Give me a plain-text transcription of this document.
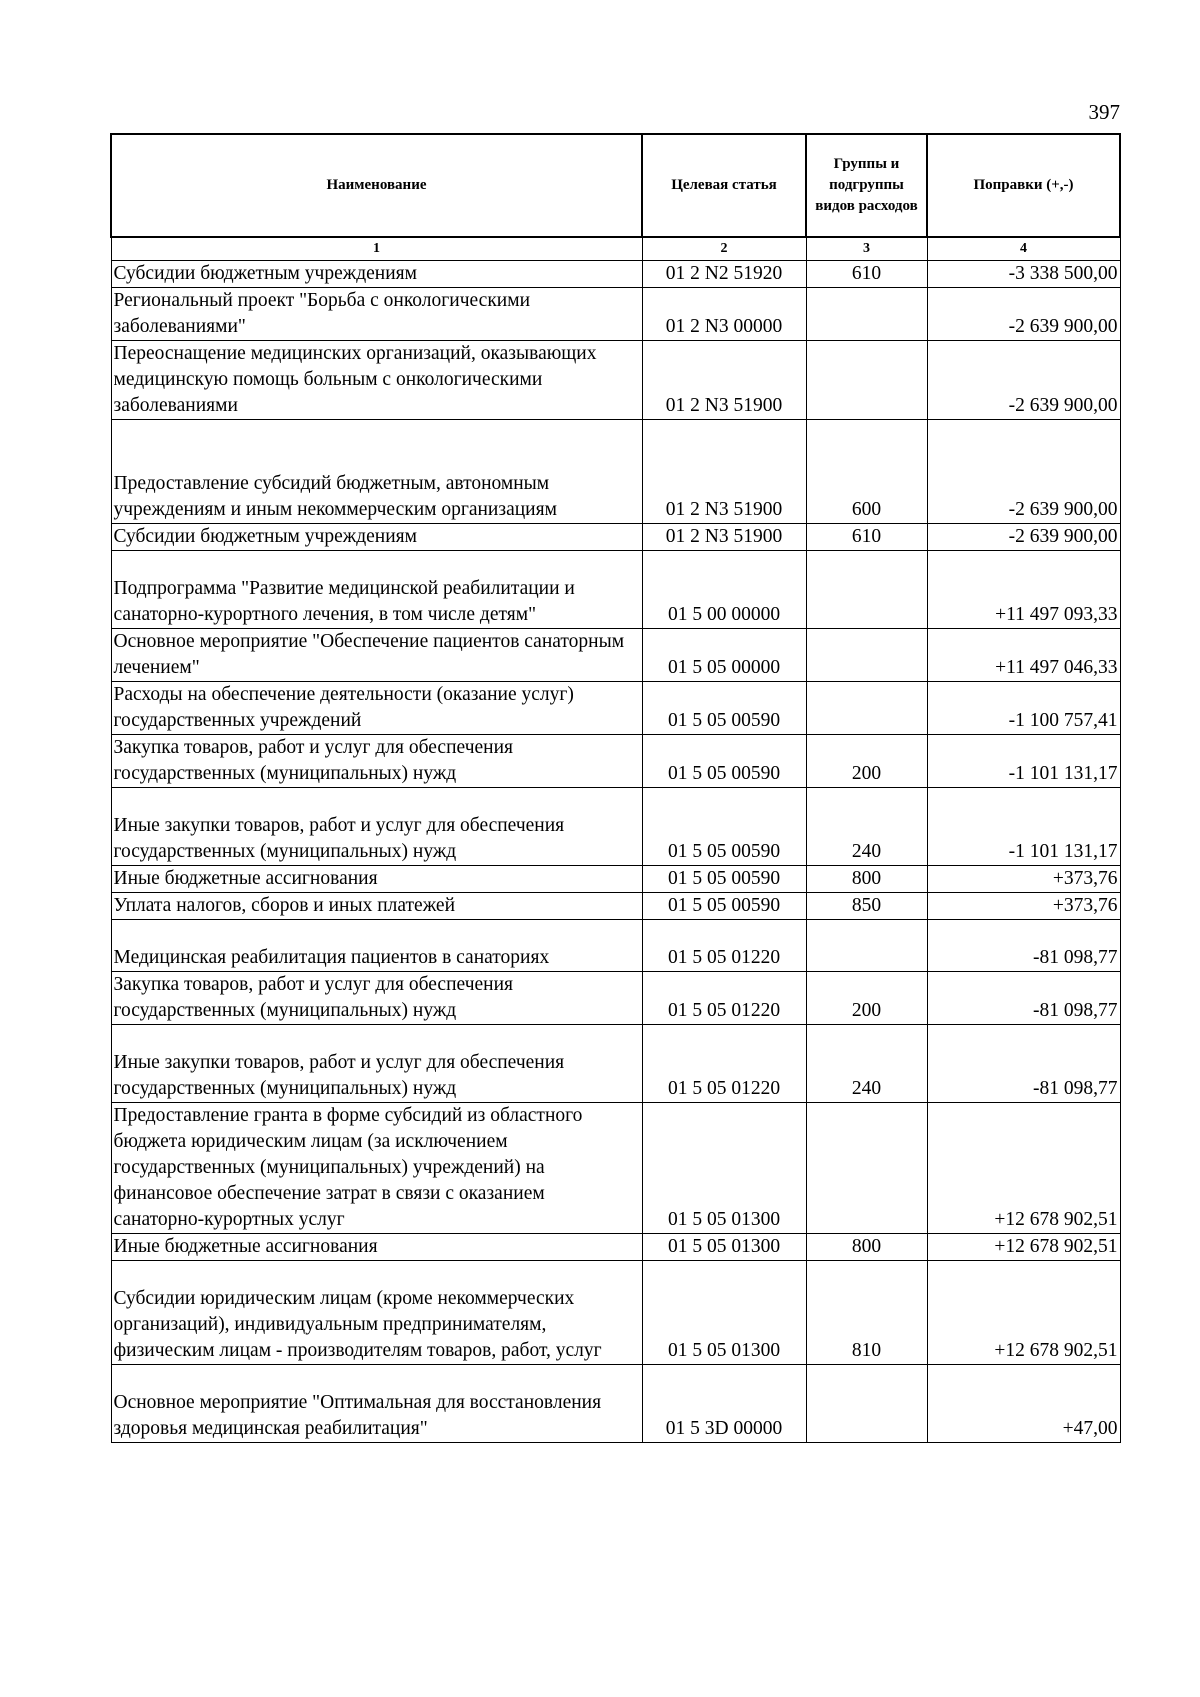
397
Наименование	Целевая статья	Группы и подгруппы видов расходов	Поправки (+,-)
1	2	3	4
Субсидии бюджетным учреждениям	01 2 N2 51920	610	-3 338 500,00
Региональный проект "Борьба с онкологическими заболеваниями"	01 2 N3 00000		-2 639 900,00
Переоснащение медицинских организаций, оказывающих медицинскую помощь больным с онкологическими заболеваниями	01 2 N3 51900		-2 639 900,00
Предоставление субсидий бюджетным, автономным учреждениям и иным некоммерческим организациям	01 2 N3 51900	600	-2 639 900,00
Субсидии бюджетным учреждениям	01 2 N3 51900	610	-2 639 900,00
Подпрограмма "Развитие медицинской реабилитации и санаторно-курортного лечения, в том числе детям"	01 5 00 00000		+11 497 093,33
Основное мероприятие "Обеспечение пациентов санаторным лечением"	01 5 05 00000		+11 497 046,33
Расходы на обеспечение деятельности (оказание услуг) государственных учреждений	01 5 05 00590		-1 100 757,41
Закупка товаров, работ и услуг для обеспечения государственных (муниципальных) нужд	01 5 05 00590	200	-1 101 131,17
Иные закупки товаров, работ и услуг для обеспечения государственных (муниципальных) нужд	01 5 05 00590	240	-1 101 131,17
Иные бюджетные ассигнования	01 5 05 00590	800	+373,76
Уплата налогов, сборов и иных платежей	01 5 05 00590	850	+373,76
Медицинская реабилитация пациентов в санаториях	01 5 05 01220		-81 098,77
Закупка товаров, работ и услуг для обеспечения государственных (муниципальных) нужд	01 5 05 01220	200	-81 098,77
Иные закупки товаров, работ и услуг для обеспечения государственных (муниципальных) нужд	01 5 05 01220	240	-81 098,77
Предоставление гранта в форме субсидий из областного бюджета юридическим лицам (за исключением государственных (муниципальных) учреждений) на финансовое обеспечение затрат в связи с оказанием санаторно-курортных услуг	01 5 05 01300		+12 678 902,51
Иные бюджетные ассигнования	01 5 05 01300	800	+12 678 902,51
Субсидии юридическим лицам (кроме некоммерческих организаций), индивидуальным предпринимателям, физическим лицам - производителям товаров, работ, услуг	01 5 05 01300	810	+12 678 902,51
Основное мероприятие "Оптимальная для восстановления здоровья медицинская реабилитация"	01 5 3D 00000		+47,00
